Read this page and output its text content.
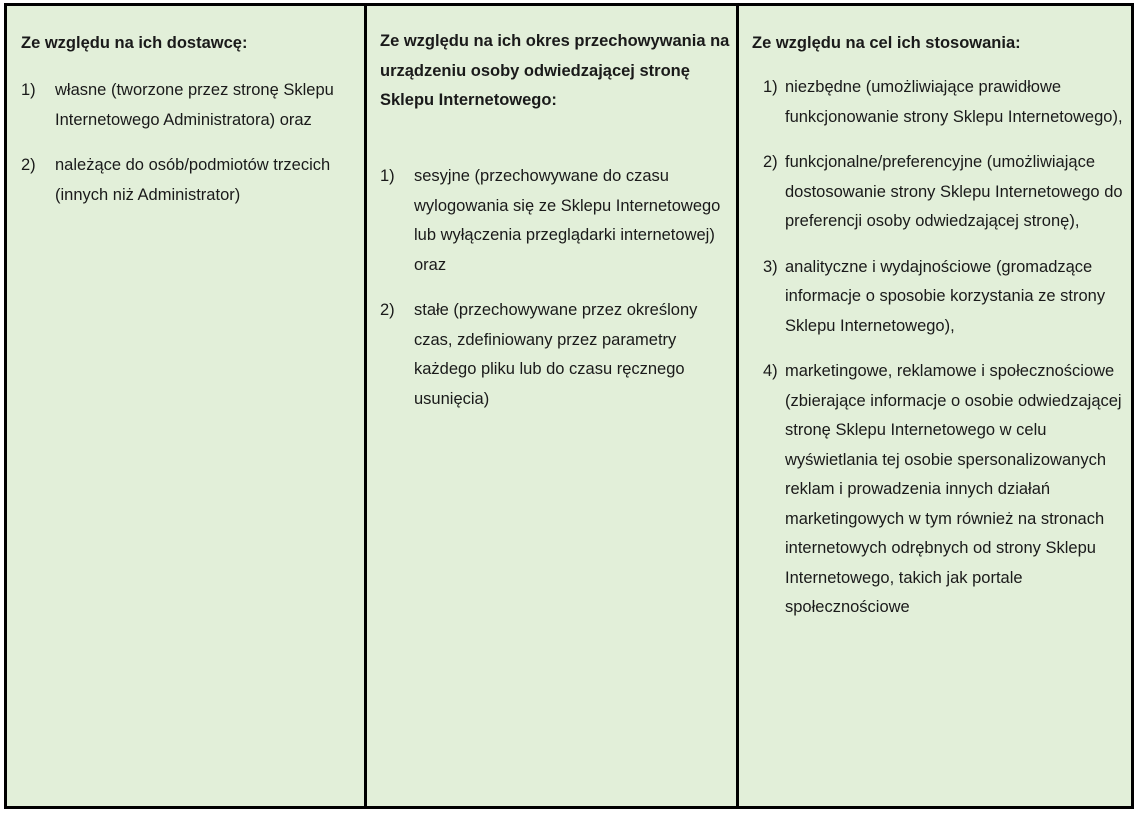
Ze względu na ich dostawcę:
1)	własne (tworzone przez stronę Sklepu Internetowego Administratora) oraz
2)	należące do osób/podmiotów trzecich (innych niż Administrator)
Ze względu na ich okres przechowywania na urządzeniu osoby odwiedzającej stronę Sklepu Internetowego:
1)	sesyjne (przechowywane do czasu wylogowania się ze Sklepu Internetowego lub wyłączenia przeglądarki internetowej) oraz
2)	stałe (przechowywane przez określony czas, zdefiniowany przez parametry każdego pliku lub do czasu ręcznego usunięcia)
Ze względu na cel ich stosowania:
1) niezbędne (umożliwiające prawidłowe funkcjonowanie strony Sklepu Internetowego),
2) funkcjonalne/preferencyjne (umożliwiające dostosowanie strony Sklepu Internetowego do preferencji osoby odwiedzającej stronę),
3) analityczne i wydajnościowe (gromadzące informacje o sposobie korzystania ze strony Sklepu Internetowego),
4) marketingowe, reklamowe i społecznościowe (zbierające informacje o osobie odwiedzającej stronę Sklepu Internetowego w celu wyświetlania tej osobie spersonalizowanych reklam i prowadzenia innych działań marketingowych w tym również na stronach internetowych odrębnych od strony Sklepu Internetowego, takich jak portale społecznościowe
